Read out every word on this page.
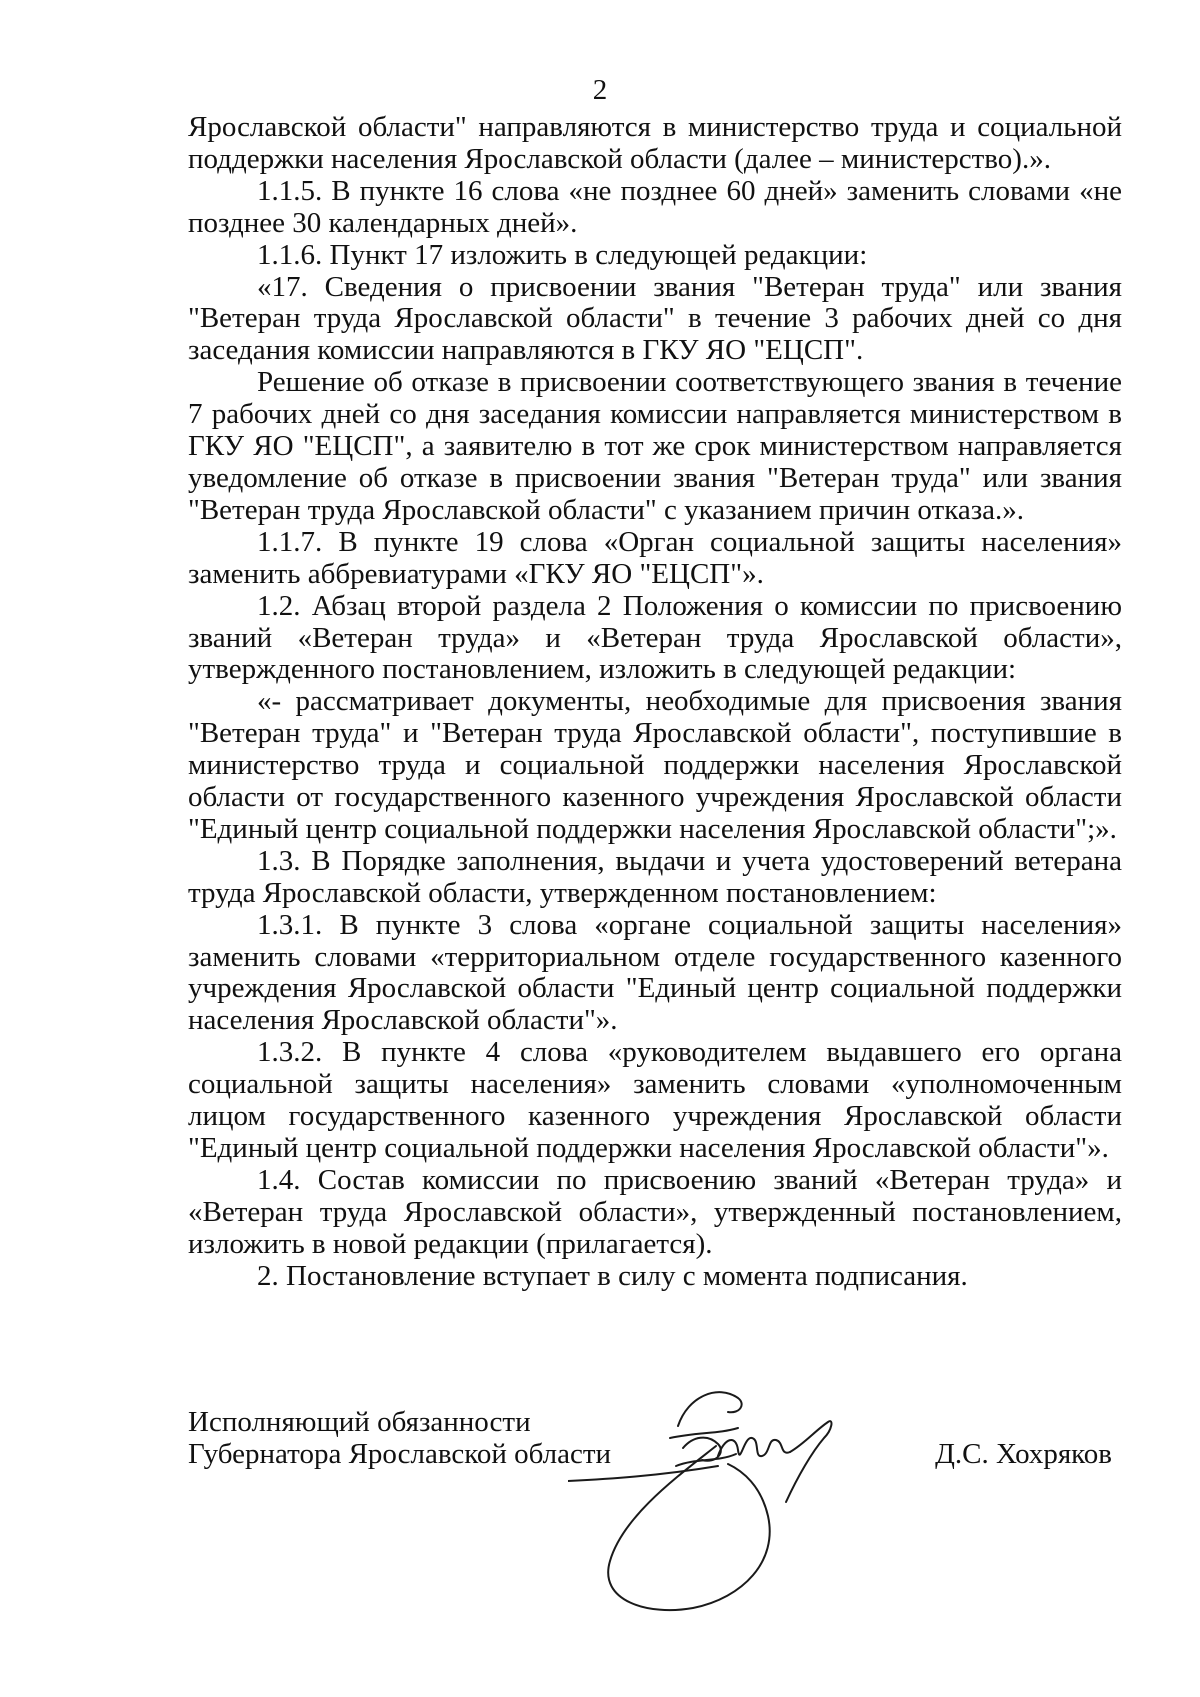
2

Ярославской области" направляются в министерство труда и социальной поддержки населения Ярославской области (далее – министерство).».

1.1.5. В пункте 16 слова «не позднее 60 дней» заменить словами «не позднее 30 календарных дней».

1.1.6. Пункт 17 изложить в следующей редакции:

«17. Сведения о присвоении звания "Ветеран труда" или звания "Ветеран труда Ярославской области" в течение 3 рабочих дней со дня заседания комиссии направляются в ГКУ ЯО "ЕЦСП".

Решение об отказе в присвоении соответствующего звания в течение 7 рабочих дней со дня заседания комиссии направляется министерством в ГКУ ЯО "ЕЦСП", а заявителю в тот же срок министерством направляется уведомление об отказе в присвоении звания "Ветеран труда" или звания "Ветеран труда Ярославской области" с указанием причин отказа.».

1.1.7. В пункте 19 слова «Орган социальной защиты населения» заменить аббревиатурами «ГКУ ЯО "ЕЦСП"».

1.2. Абзац второй раздела 2 Положения о комиссии по присвоению званий «Ветеран труда» и «Ветеран труда Ярославской области», утвержденного постановлением, изложить в следующей редакции:

«- рассматривает документы, необходимые для присвоения звания "Ветеран труда" и "Ветеран труда Ярославской области", поступившие в министерство труда и социальной поддержки населения Ярославской области от государственного казенного учреждения Ярославской области "Единый центр социальной поддержки населения Ярославской области";».

1.3. В Порядке заполнения, выдачи и учета удостоверений ветерана труда Ярославской области, утвержденном постановлением:

1.3.1. В пункте 3 слова «органе социальной защиты населения» заменить словами «территориальном отделе государственного казенного учреждения Ярославской области "Единый центр социальной поддержки населения Ярославской области"».

1.3.2. В пункте 4 слова «руководителем выдавшего его органа социальной защиты населения» заменить словами «уполномоченным лицом государственного казенного учреждения Ярославской области "Единый центр социальной поддержки населения Ярославской области"».

1.4. Состав комиссии по присвоению званий «Ветеран труда» и «Ветеран труда Ярославской области», утвержденный постановлением, изложить в новой редакции (прилагается).

2. Постановление вступает в силу с момента подписания.

Исполняющий обязанности
Губернатора Ярославской области	Д.С. Хохряков
